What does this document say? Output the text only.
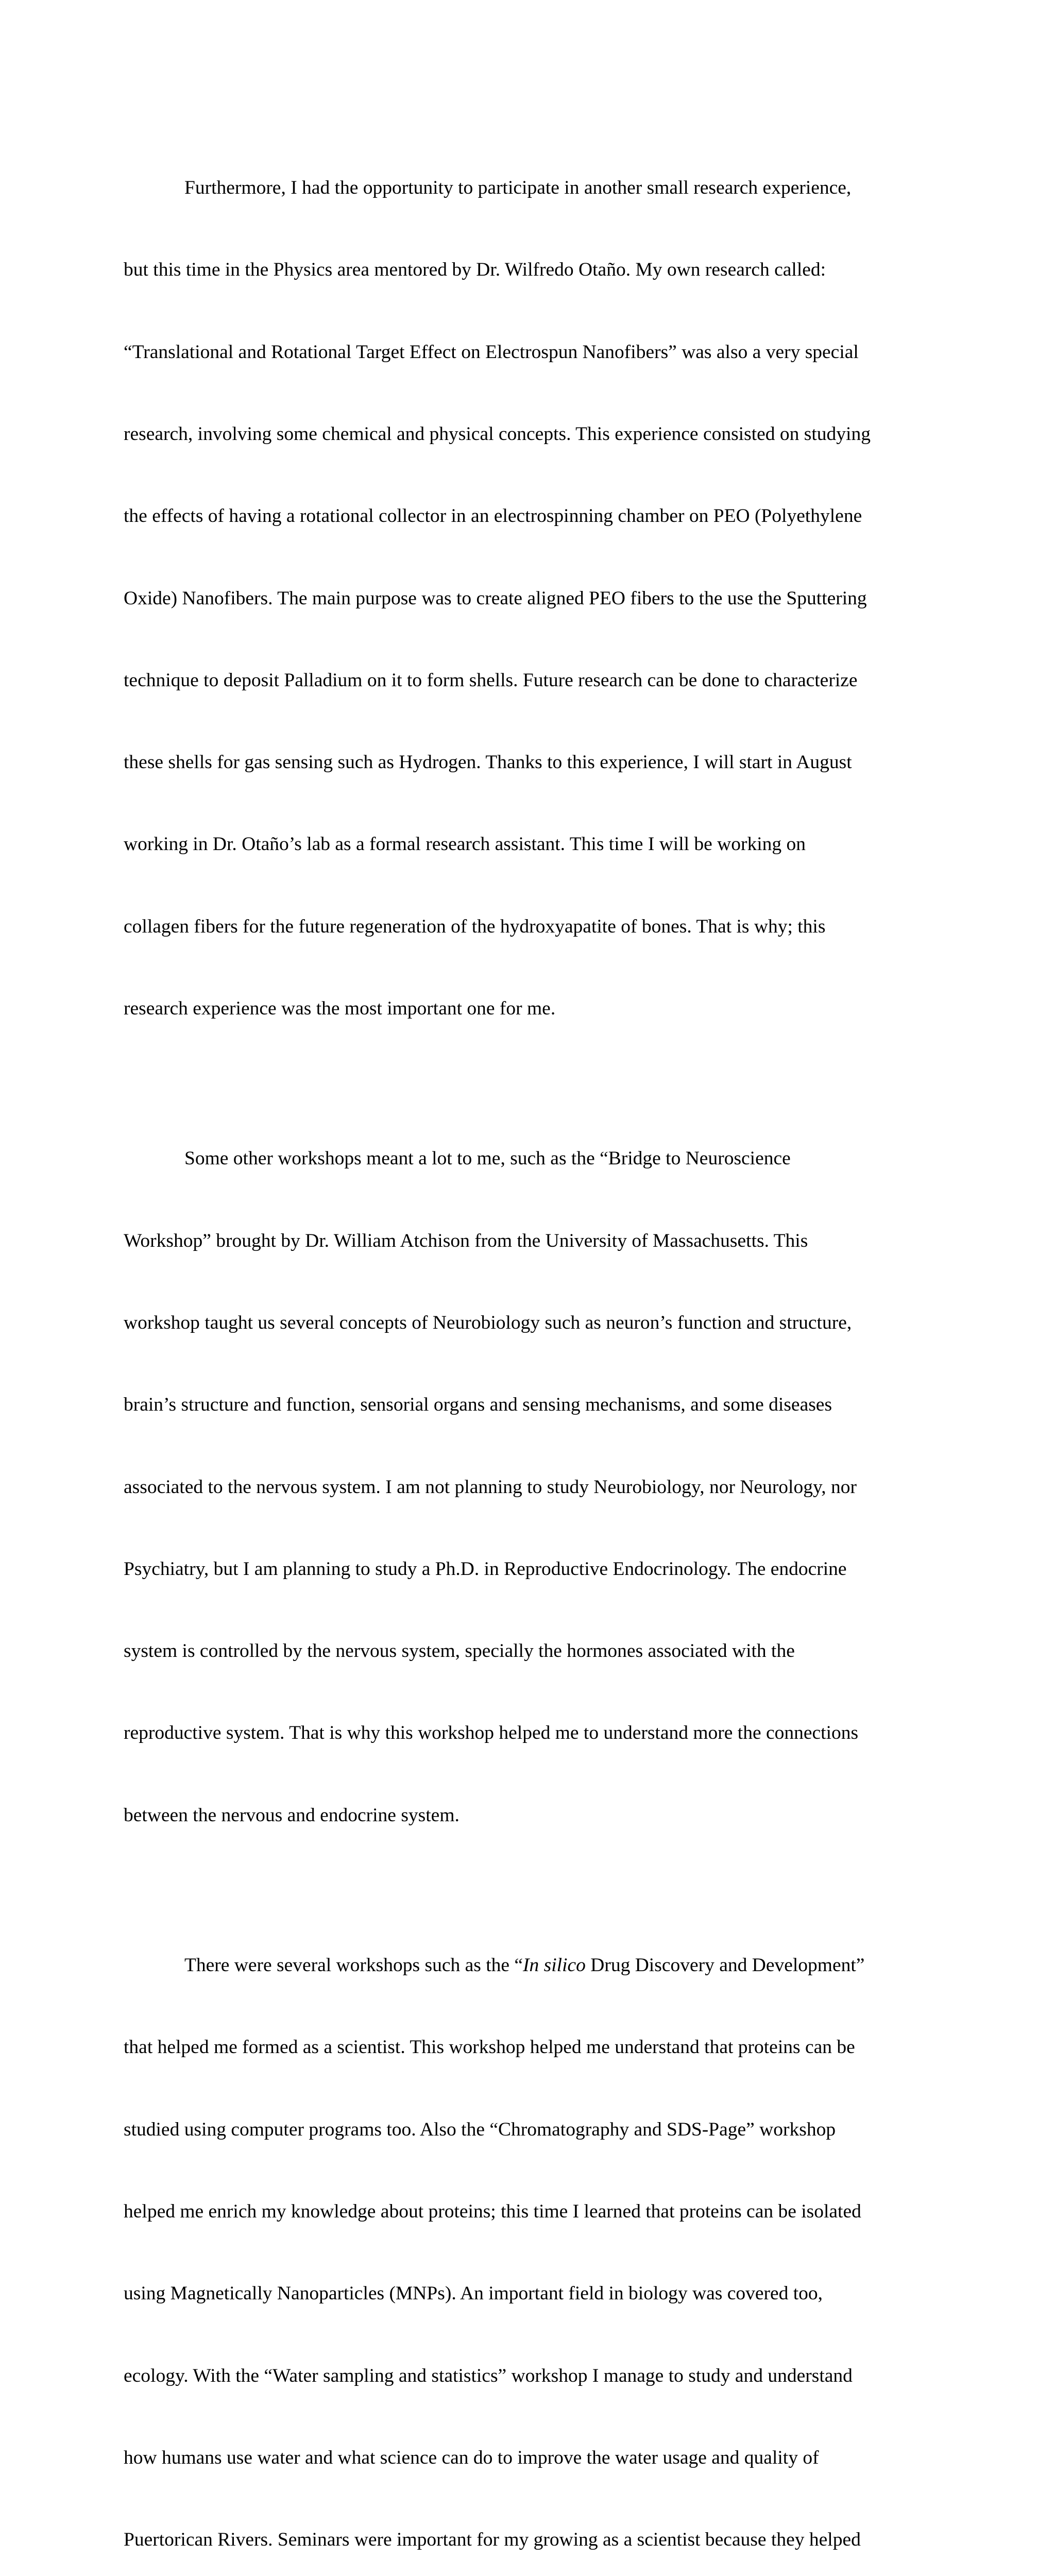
Furthermore, I had the opportunity to participate in another small research experience,

but this time in the Physics area mentored by Dr. Wilfredo Otaño. My own research called:

“Translational and Rotational Target Effect on Electrospun Nanofibers” was also a very special

research, involving some chemical and physical concepts. This experience consisted on studying

the effects of having a rotational collector in an electrospinning chamber on PEO (Polyethylene

Oxide) Nanofibers. The main purpose was to create aligned PEO fibers to the use the Sputtering

technique to deposit Palladium on it to form shells. Future research can be done to characterize

these shells for gas sensing such as Hydrogen. Thanks to this experience, I will start in August

working in Dr. Otaño’s lab as a formal research assistant. This time I will be working on

collagen fibers for the future regeneration of the hydroxyapatite of bones. That is why; this

research experience was the most important one for me.

Some other workshops meant a lot to me, such as the “Bridge to Neuroscience

Workshop” brought by Dr. William Atchison from the University of Massachusetts. This

workshop taught us several concepts of Neurobiology such as neuron’s function and structure,

brain’s structure and function, sensorial organs and sensing mechanisms, and some diseases

associated to the nervous system. I am not planning to study Neurobiology, nor Neurology, nor

Psychiatry, but I am planning to study a Ph.D. in Reproductive Endocrinology. The endocrine

system is controlled by the nervous system, specially the hormones associated with the

reproductive system. That is why this workshop helped me to understand more the connections

between the nervous and endocrine system.

There were several workshops such as the “In silico Drug Discovery and Development”

that helped me formed as a scientist. This workshop helped me understand that proteins can be

studied using computer programs too. Also the “Chromatography and SDS-Page” workshop

helped me enrich my knowledge about proteins; this time I learned that proteins can be isolated

using Magnetically Nanoparticles (MNPs). An important field in biology was covered too,

ecology. With the “Water sampling and statistics” workshop I manage to study and understand

how humans use water and what science can do to improve the water usage and quality of

Puertorican Rivers. Seminars were important for my growing as a scientist because they helped
